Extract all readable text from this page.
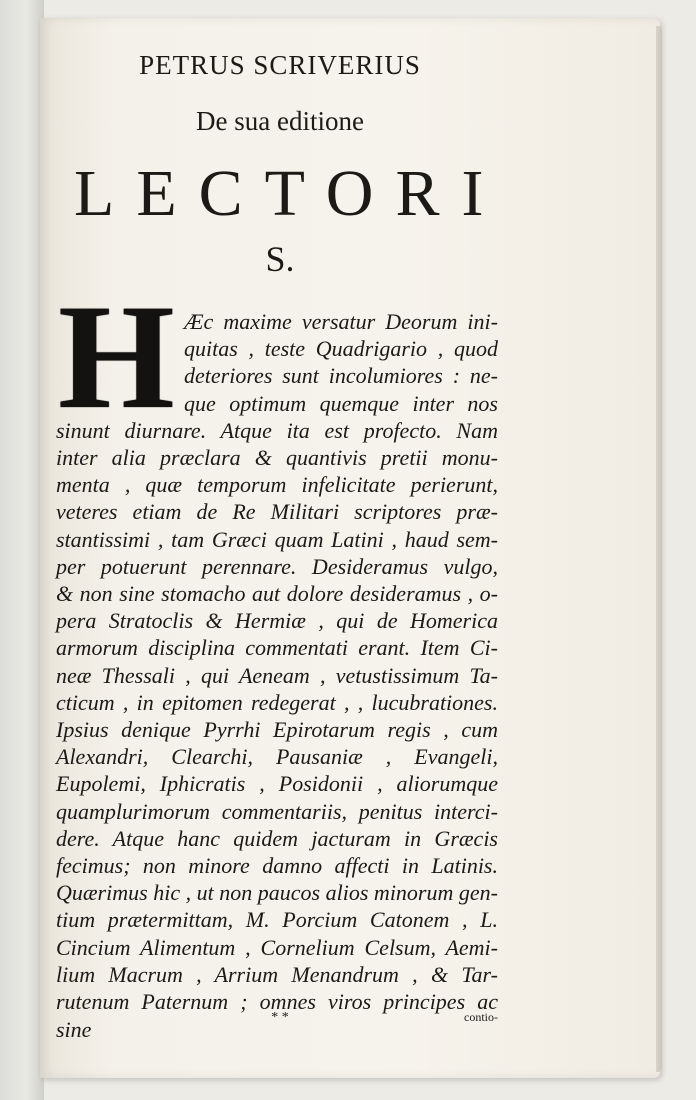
PETRUS SCRIVERIUS
De sua editione
LECTORI
S.
H Æc maxime versatur Deorum ini-
quitas , teste Quadrigario , quod
deteriores sunt incolumiores : ne-
que optimum quemque inter nos
sinunt diurnare. Atque ita est profecto. Nam
inter alia præclara & quantivis pretii monu-
menta , quæ temporum infelicitate perierunt,
veteres etiam de Re Militari scriptores præ-
stantissimi , tam Græci quam Latini , haud sem-
per potuerunt perennare. Desideramus vulgo,
& non sine stomacho aut dolore desideramus , o-
pera Stratoclis & Hermiæ , qui de Homerica
armorum disciplina commentati erant. Item Ci-
neæ Thessali , qui Aeneam , vetustissimum Ta-
cticum , in epitomen redegerat , , lucubrationes.
Ipsius denique Pyrrhi Epirotarum regis , cum
Alexandri, Clearchi, Pausaniæ , Evangeli,
Eupolemi, Iphicratis , Posidonii , aliorumque
quamplurimorum commentariis, penitus interci-
dere. Atque hanc quidem jacturam in Græcis
fecimus; non minore damno affecti in Latinis.
Quærimus hic , ut non paucos alios minorum gen-
tium prætermittam, M. Porcium Catonem , L.
Cincium Alimentum , Cornelium Celsum, Aemi-
lium Macrum , Arrium Menandrum , & Tar-
rutenum Paternum ; omnes viros principes ac sine	* *	contio-
